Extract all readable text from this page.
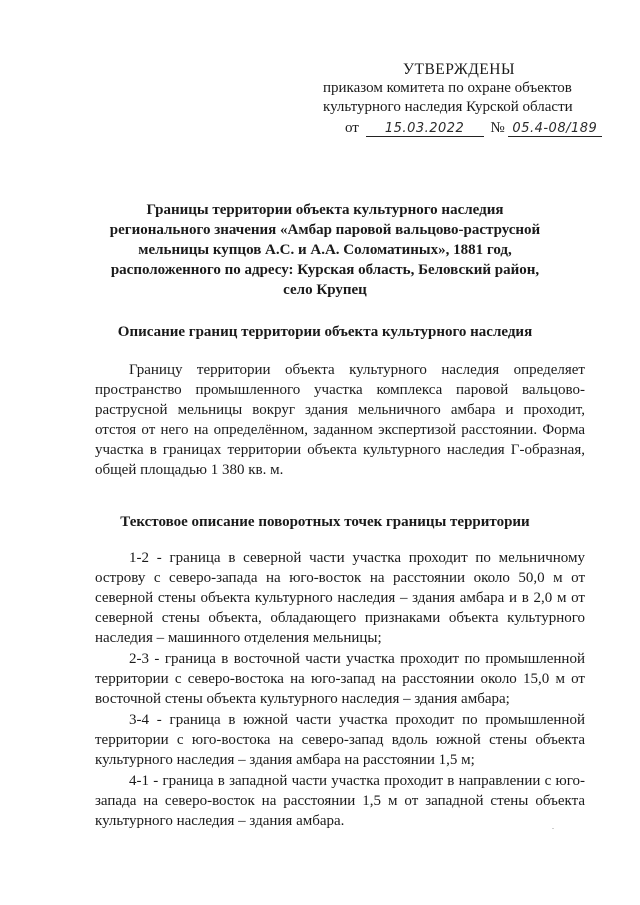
УТВЕРЖДЕНЫ
приказом комитета по охране объектов
культурного наследия Курской области
от 15.03.2022 № 05.4-08/189
Границы территории объекта культурного наследия регионального значения «Амбар паровой вальцово-раструсной мельницы купцов А.С. и А.А. Соломатиных», 1881 год, расположенного по адресу: Курская область, Беловский район, село Крупец
Описание границ территории объекта культурного наследия

Границу территории объекта культурного наследия определяет пространство промышленного участка комплекса паровой вальцово-раструсной мельницы вокруг здания мельничного амбара и проходит, отстоя от него на определённом, заданном экспертизой расстоянии. Форма участка в границах территории объекта культурного наследия Г-образная, общей площадью 1 380 кв. м.

Текстовое описание поворотных точек границы территории

1-2 - граница в северной части участка проходит по мельничному острову с северо-запада на юго-восток на расстоянии около 50,0 м от северной стены объекта культурного наследия – здания амбара и в 2,0 м от северной стены объекта, обладающего признаками объекта культурного наследия – машинного отделения мельницы;

2-3 - граница в восточной части участка проходит по промышленной территории с северо-востока на юго-запад на расстоянии около 15,0 м от восточной стены объекта культурного наследия – здания амбара;

3-4 - граница в южной части участка проходит по промышленной территории с юго-востока на северо-запад вдоль южной стены объекта культурного наследия – здания амбара на расстоянии 1,5 м;

4-1 - граница в западной части участка проходит в направлении с юго-запада на северо-восток на расстоянии 1,5 м от западной стены объекта культурного наследия – здания амбара.
